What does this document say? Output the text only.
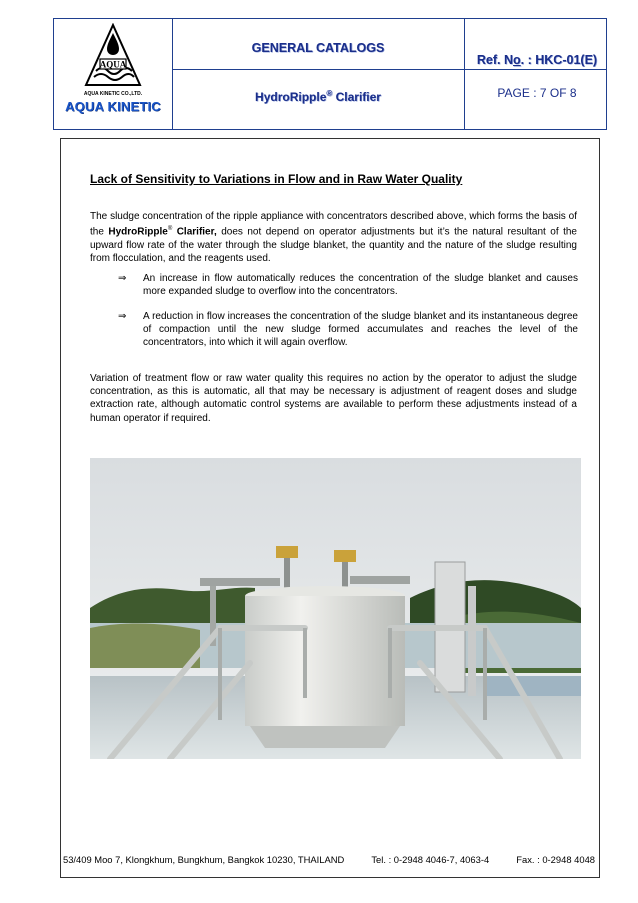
AQUA
AQUA KINETIC CO.,LTD.
AQUA KINETIC
GENERAL CATALOGS
HydroRipple® Clarifier
Ref. No. : HKC-01(E)
PAGE : 7 OF 8
Lack of Sensitivity to Variations in Flow and in Raw Water Quality

The sludge concentration of the ripple appliance with concentrators described above, which forms the basis of the HydroRipple® Clarifier, does not depend on operator adjustments but it’s the natural resultant of the upward flow rate of the water through the sludge blanket, the quantity and the nature of the sludge resulting from flocculation, and the reagents used.

⇒ An increase in flow automatically reduces the concentration of the sludge blanket and causes more expanded sludge to overflow into the concentrators.

⇒ A reduction in flow increases the concentration of the sludge blanket and its instantaneous degree of compaction until the new sludge formed accumulates and reaches the level of the concentrators, into which it will again overflow.

Variation of treatment flow or raw water quality this requires no action by the operator to adjust the sludge concentration, as this is automatic, all that may be necessary is adjustment of reagent doses and sludge extraction rate, although automatic control systems are available to perform these adjustments instead of a human operator if required.

53/409 Moo 7, Klongkhum, Bungkhum, Bangkok 10230, THAILAND	Tel. : 0-2948 4046-7, 4063-4	Fax. : 0-2948 4048
